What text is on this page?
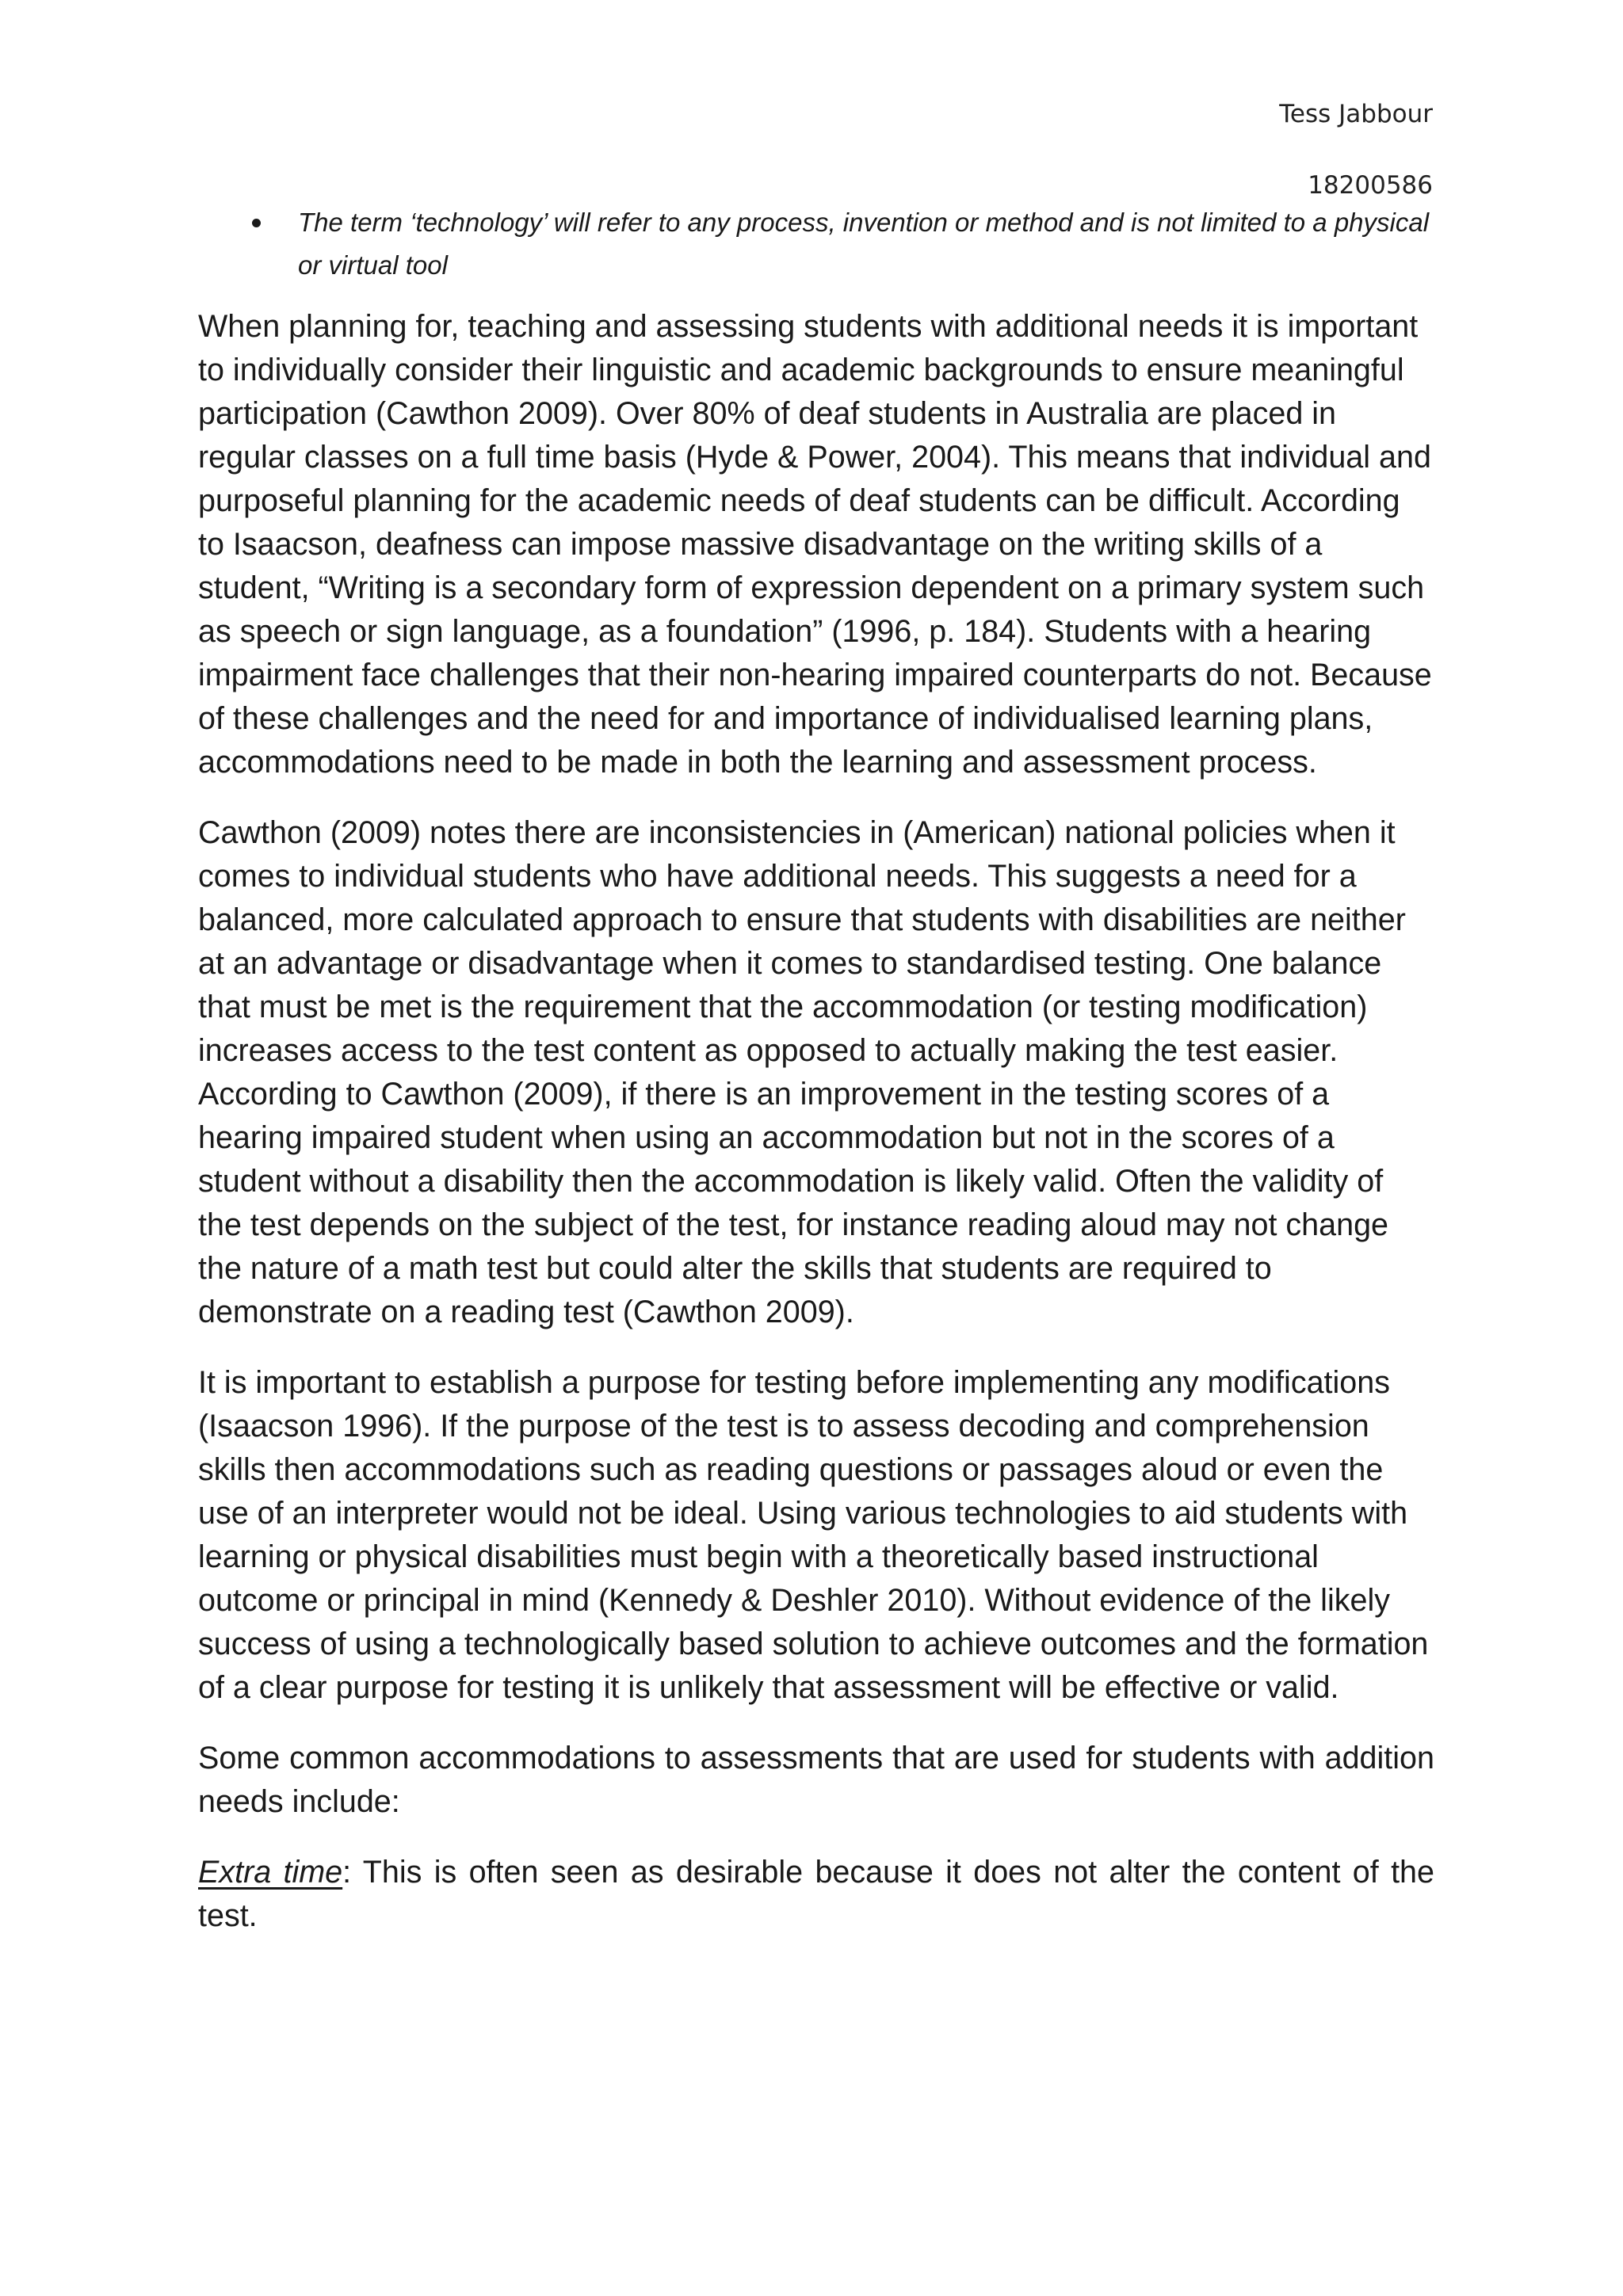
Tess Jabbour
18200586
The term ‘technology’ will refer to any process, invention or method and is not limited to a physical or virtual tool

When planning for, teaching and assessing students with additional needs it is important to individually consider their linguistic and academic backgrounds to ensure meaningful participation (Cawthon 2009). Over 80% of deaf students in Australia are placed in regular classes on a full time basis (Hyde & Power, 2004). This means that individual and purposeful planning for the academic needs of deaf students can be difficult. According to Isaacson, deafness can impose massive disadvantage on the writing skills of a student, “Writing is a secondary form of expression dependent on a primary system such as speech or sign language, as a foundation” (1996, p. 184). Students with a hearing impairment face challenges that their non-hearing impaired counterparts do not. Because of these challenges and the need for and importance of individualised learning plans, accommodations need to be made in both the learning and assessment process.

Cawthon (2009) notes there are inconsistencies in (American) national policies when it comes to individual students who have additional needs. This suggests a need for a balanced, more calculated approach to ensure that students with disabilities are neither at an advantage or disadvantage when it comes to standardised testing. One balance that must be met is the requirement that the accommodation (or testing modification) increases access to the test content as opposed to actually making the test easier. According to Cawthon (2009), if there is an improvement in the testing scores of a hearing impaired student when using an accommodation but not in the scores of a student without a disability then the accommodation is likely valid. Often the validity of the test depends on the subject of the test, for instance reading aloud may not change the nature of a math test but could alter the skills that students are required to demonstrate on a reading test (Cawthon 2009).

It is important to establish a purpose for testing before implementing any modifications (Isaacson 1996). If the purpose of the test is to assess decoding and comprehension skills then accommodations such as reading questions or passages aloud or even the use of an interpreter would not be ideal. Using various technologies to aid students with learning or physical disabilities must begin with a theoretically based instructional outcome or principal in mind (Kennedy & Deshler 2010). Without evidence of the likely success of using a technologically based solution to achieve outcomes and the formation of a clear purpose for testing it is unlikely that assessment will be effective or valid.

Some common accommodations to assessments that are used for students with addition needs include:

Extra time: This is often seen as desirable because it does not alter the content of the test.
